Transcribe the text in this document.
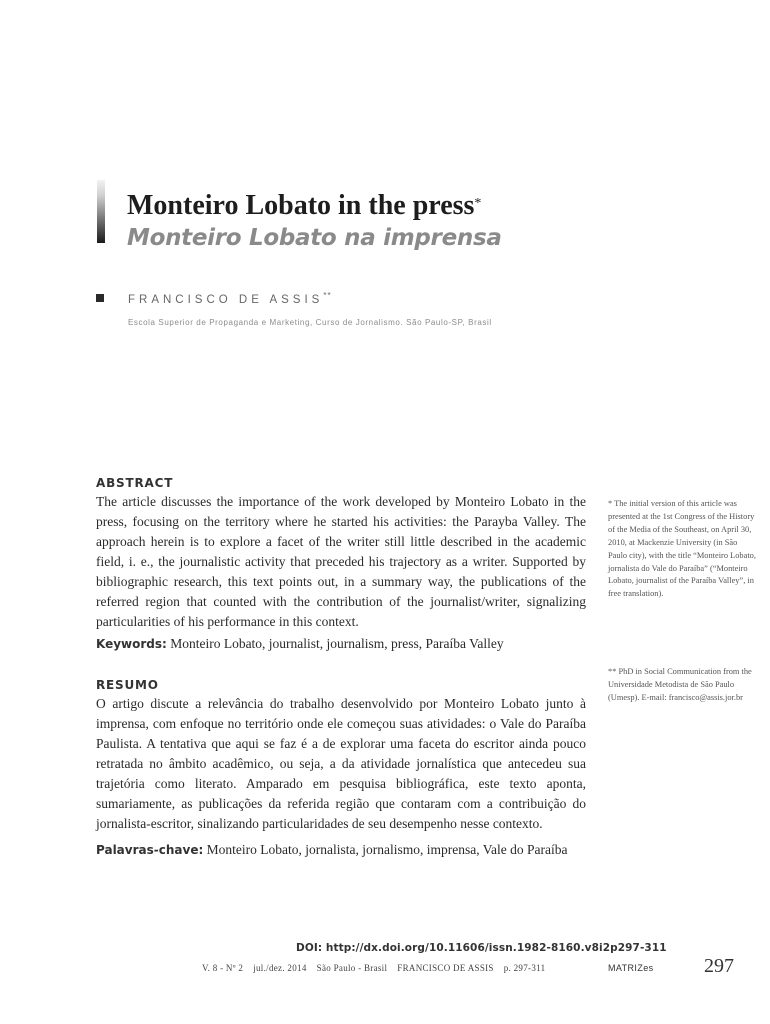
Monteiro Lobato in the press*
Monteiro Lobato na imprensa
FRANCISCO DE ASSIS**
Escola Superior de Propaganda e Marketing, Curso de Jornalismo. São Paulo-SP, Brasil
ABSTRACT
The article discusses the importance of the work developed by Monteiro Lobato in the press, focusing on the territory where he started his activities: the Parayba Valley. The approach herein is to explore a facet of the writer still little described in the academic field, i. e., the journalistic activity that preceded his trajectory as a writer. Supported by bibliographic research, this text points out, in a summary way, the publications of the referred region that counted with the contribution of the journalist/writer, signalizing particularities of his performance in this context.
Keywords: Monteiro Lobato, journalist, journalism, press, Paraíba Valley
RESUMO
O artigo discute a relevância do trabalho desenvolvido por Monteiro Lobato junto à imprensa, com enfoque no território onde ele começou suas atividades: o Vale do Paraíba Paulista. A tentativa que aqui se faz é a de explorar uma faceta do escritor ainda pouco retratada no âmbito acadêmico, ou seja, a da atividade jornalística que antecedeu sua trajetória como literato. Amparado em pesquisa bibliográfica, este texto aponta, sumariamente, as publicações da referida região que contaram com a contribuição do jornalista-escritor, sinalizando particularidades de seu desempenho nesse contexto.
Palavras-chave: Monteiro Lobato, jornalista, jornalismo, imprensa, Vale do Paraíba
* The initial version of this article was presented at the 1st Congress of the History of the Media of the Southeast, on April 30, 2010, at Mackenzie University (in São Paulo city), with the title “Monteiro Lobato, jornalista do Vale do Paraíba” (“Monteiro Lobato, journalist of the Paraíba Valley”, in free translation).
** PhD in Social Communication from the Universidade Metodista de São Paulo (Umesp). E-mail: francisco@assis.jor.br
DOI: http://dx.doi.org/10.11606/issn.1982-8160.v8i2p297-311
V. 8 - Nº 2 jul./dez. 2014 São Paulo - Brasil FRANCISCO DE ASSIS p. 297-311	MATRIZes	297
